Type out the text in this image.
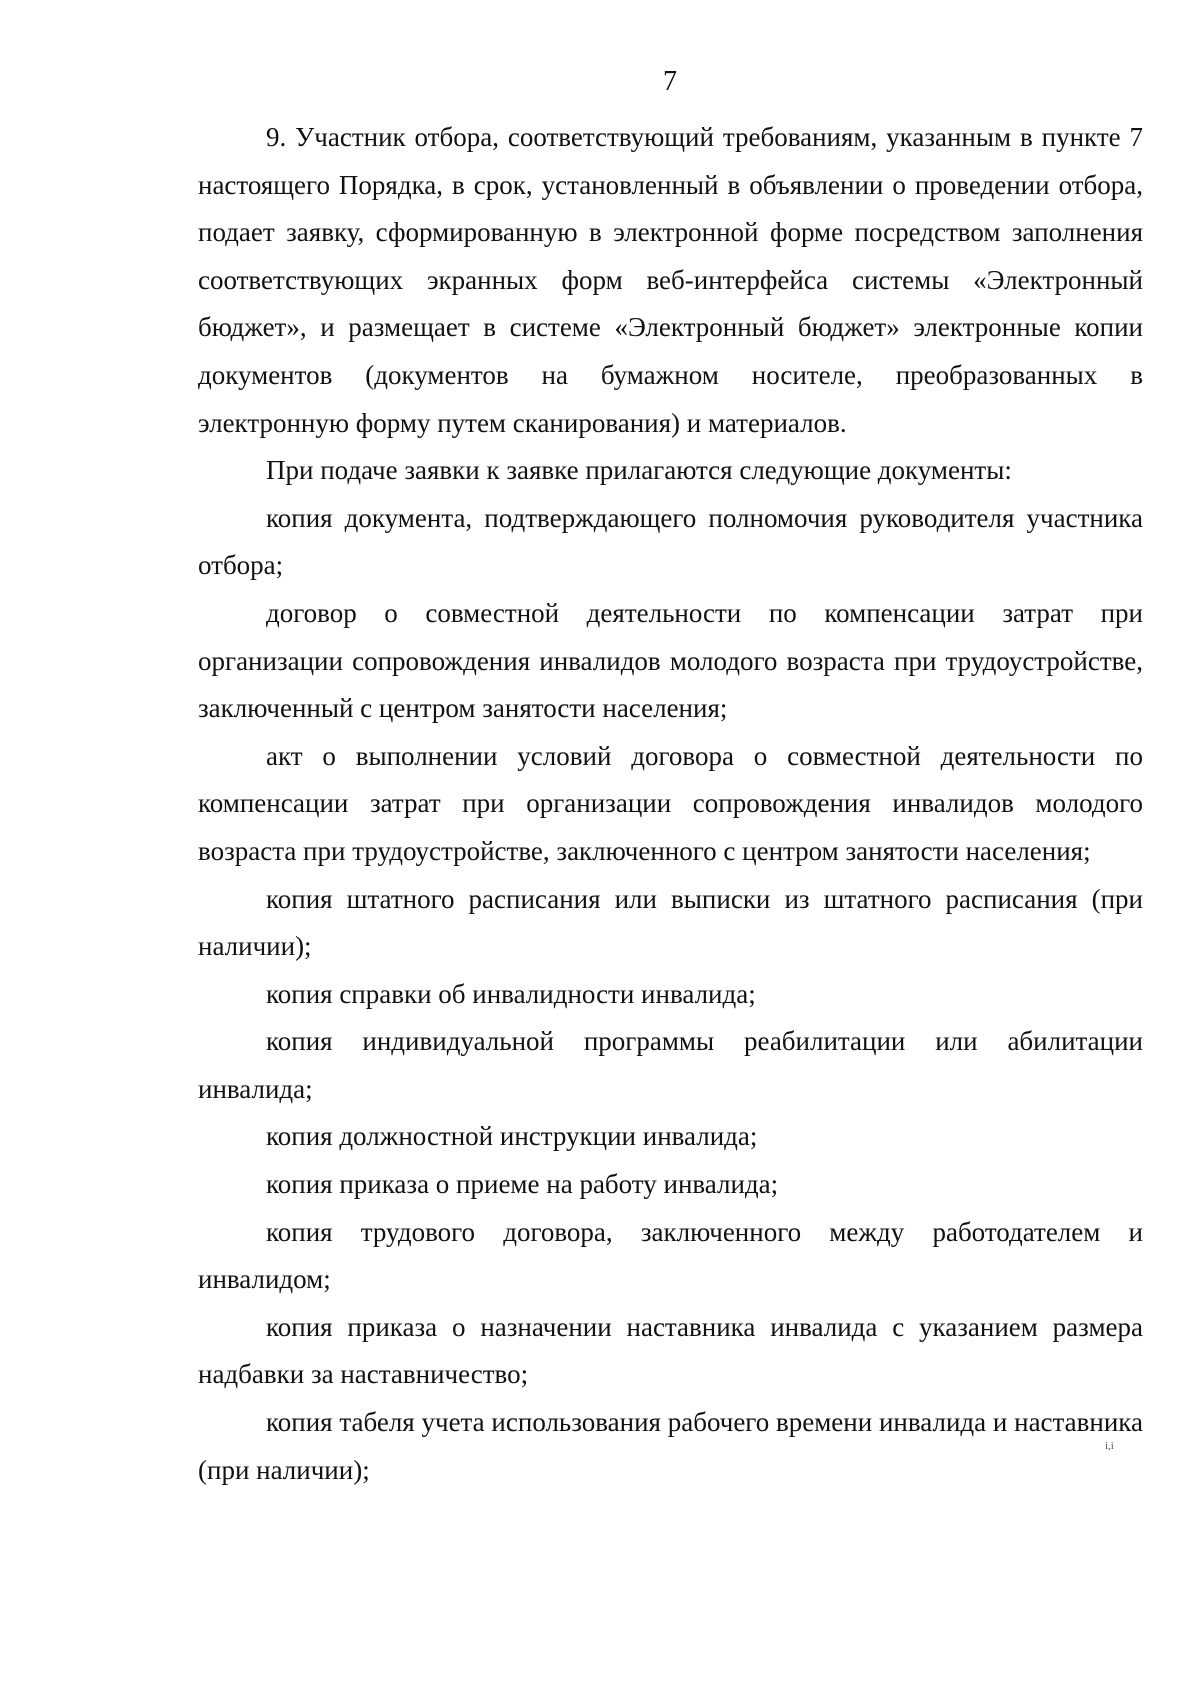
7

9. Участник отбора, соответствующий требованиям, указанным в пункте 7 настоящего Порядка, в срок, установленный в объявлении о проведении отбора, подает заявку, сформированную в электронной форме посредством заполнения соответствующих экранных форм веб-интерфейса системы «Электронный бюджет», и размещает в системе «Электронный бюджет» электронные копии документов (документов на бумажном носителе, преобразованных в электронную форму путем сканирования) и материалов.

При подаче заявки к заявке прилагаются следующие документы:

копия документа, подтверждающего полномочия руководителя участника отбора;

договор о совместной деятельности по компенсации затрат при организации сопровождения инвалидов молодого возраста при трудоустройстве, заключенный с центром занятости населения;

акт о выполнении условий договора о совместной деятельности по компенсации затрат при организации сопровождения инвалидов молодого возраста при трудоустройстве, заключенного с центром занятости населения;

копия штатного расписания или выписки из штатного расписания (при наличии);

копия справки об инвалидности инвалида;

копия индивидуальной программы реабилитации или абилитации инвалида;

копия должностной инструкции инвалида;

копия приказа о приеме на работу инвалида;

копия трудового договора, заключенного между работодателем и инвалидом;

копия приказа о назначении наставника инвалида с указанием размера надбавки за наставничество;

копия табеля учета использования рабочего времени инвалида и наставника (при наличии);

і,і
